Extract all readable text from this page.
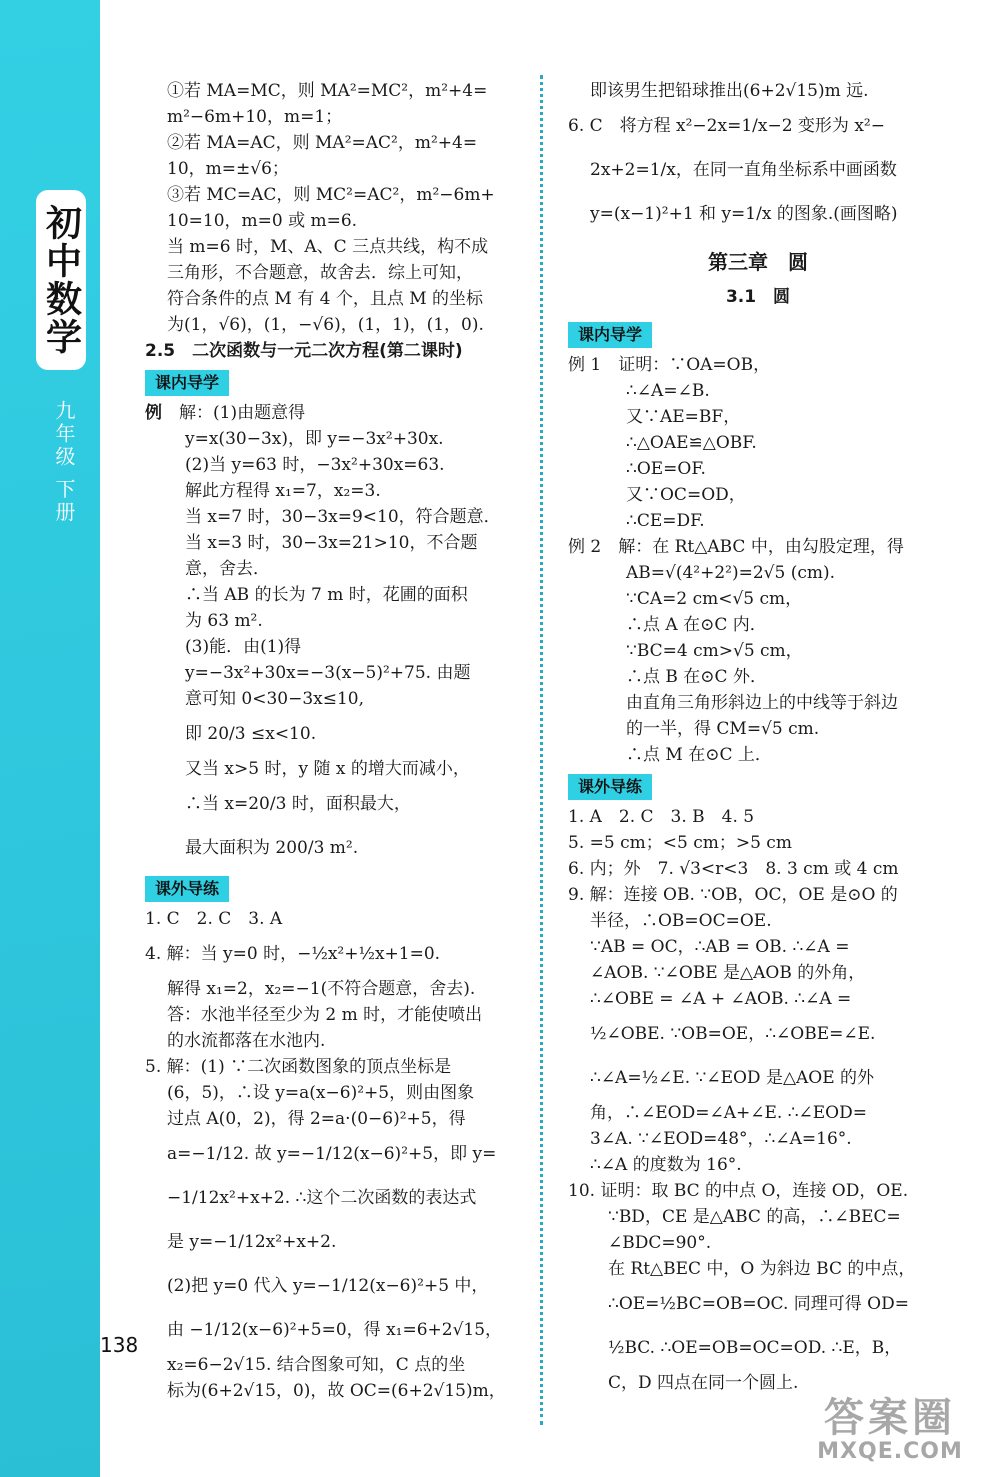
初中数学
九年级 下册
138

①若 MA=MC，则 MA²=MC²，m²+4=

m²−6m+10，m=1；

②若 MA=AC，则 MA²=AC²，m²+4=

10，m=±√6；

③若 MC=AC，则 MC²=AC²，m²−6m+

10=10，m=0 或 m=6.

当 m=6 时，M、A、C 三点共线，构不成

三角形，不合题意，故舍去．综上可知，

符合条件的点 M 有 4 个，且点 M 的坐标

为(1，√6)，(1，−√6)，(1，1)，(1，0).

2.5　二次函数与一元二次方程(第二课时)

课内导学

例　 解：(1)由题意得

y=x(30−3x)，即 y=−3x²+30x.

(2)当 y=63 时，−3x²+30x=63.

解此方程得 x₁=7，x₂=3.

当 x=7 时，30−3x=9<10，符合题意．

当 x=3 时，30−3x=21>10，不合题

意，舍去．

∴当 AB 的长为 7 m 时，花圃的面积

为 63 m².

(3)能．由(1)得

y=−3x²+30x=−3(x−5)²+75. 由题

意可知 0<30−3x≤10,

即 20/3 ≤x<10.

又当 x>5 时，y 随 x 的增大而减小，

∴当 x=20/3 时，面积最大，

最大面积为 200/3 m².

课外导练

1. C　2. C　3. A

4. 解：当 y=0 时，−½x²+½x+1=0.

解得 x₁=2，x₂=−1(不符合题意，舍去).

答：水池半径至少为 2 m 时，才能使喷出

的水流都落在水池内.

5. 解：(1) ∵二次函数图象的顶点坐标是

(6，5)，∴设 y=a(x−6)²+5，则由图象

过点 A(0，2)，得 2=a·(0−6)²+5，得

a=−1/12. 故 y=−1/12(x−6)²+5，即 y=

−1/12x²+x+2. ∴这个二次函数的表达式

是 y=−1/12x²+x+2.

(2)把 y=0 代入 y=−1/12(x−6)²+5 中，

由 −1/12(x−6)²+5=0，得 x₁=6+2√15，

x₂=6−2√15. 结合图象可知，C 点的坐

标为(6+2√15，0)，故 OC=(6+2√15)m，

即该男生把铅球推出(6+2√15)m 远.

6. C　将方程 x²−2x=1/x−2 变形为 x²−

2x+2=1/x，在同一直角坐标系中画函数

y=(x−1)²+1 和 y=1/x 的图象.(画图略)

第三章　圆
3.1　圆
课内导学

例 1　证明：∵OA=OB，

∴∠A=∠B.

又∵AE=BF，

∴△OAE≌△OBF.

∴OE=OF.

又∵OC=OD，

∴CE=DF.

例 2　解：在 Rt△ABC 中，由勾股定理，得

AB=√(4²+2²)=2√5 (cm).

∵CA=2 cm<√5 cm，

∴点 A 在⊙C 内．

∵BC=4 cm>√5 cm，

∴点 B 在⊙C 外．

由直角三角形斜边上的中线等于斜边

的一半，得 CM=√5 cm.

∴点 M 在⊙C 上．

课外导练

1. A　2. C　3. B　4. 5

5. =5 cm；<5 cm；>5 cm

6. 内；外　7. √3<r<3　8. 3 cm 或 4 cm

9. 解：连接 OB. ∵OB，OC，OE 是⊙O 的

半径，∴OB=OC=OE.

∵AB = OC，∴AB = OB. ∴∠A =

∠AOB. ∵∠OBE 是△AOB 的外角，

∴∠OBE = ∠A + ∠AOB. ∴∠A =

½∠OBE. ∵OB=OE，∴∠OBE=∠E.

∴∠A=½∠E. ∵∠EOD 是△AOE 的外

角，∴∠EOD=∠A+∠E. ∴∠EOD=

3∠A. ∵∠EOD=48°，∴∠A=16°.

∴∠A 的度数为 16°.

10. 证明：取 BC 的中点 O，连接 OD，OE.

∵BD，CE 是△ABC 的高，∴∠BEC=

∠BDC=90°.

在 Rt△BEC 中，O 为斜边 BC 的中点，

∴OE=½BC=OB=OC. 同理可得 OD=

½BC. ∴OE=OB=OC=OD. ∴E，B，

C，D 四点在同一个圆上.

答案圈
MXQE.COM
